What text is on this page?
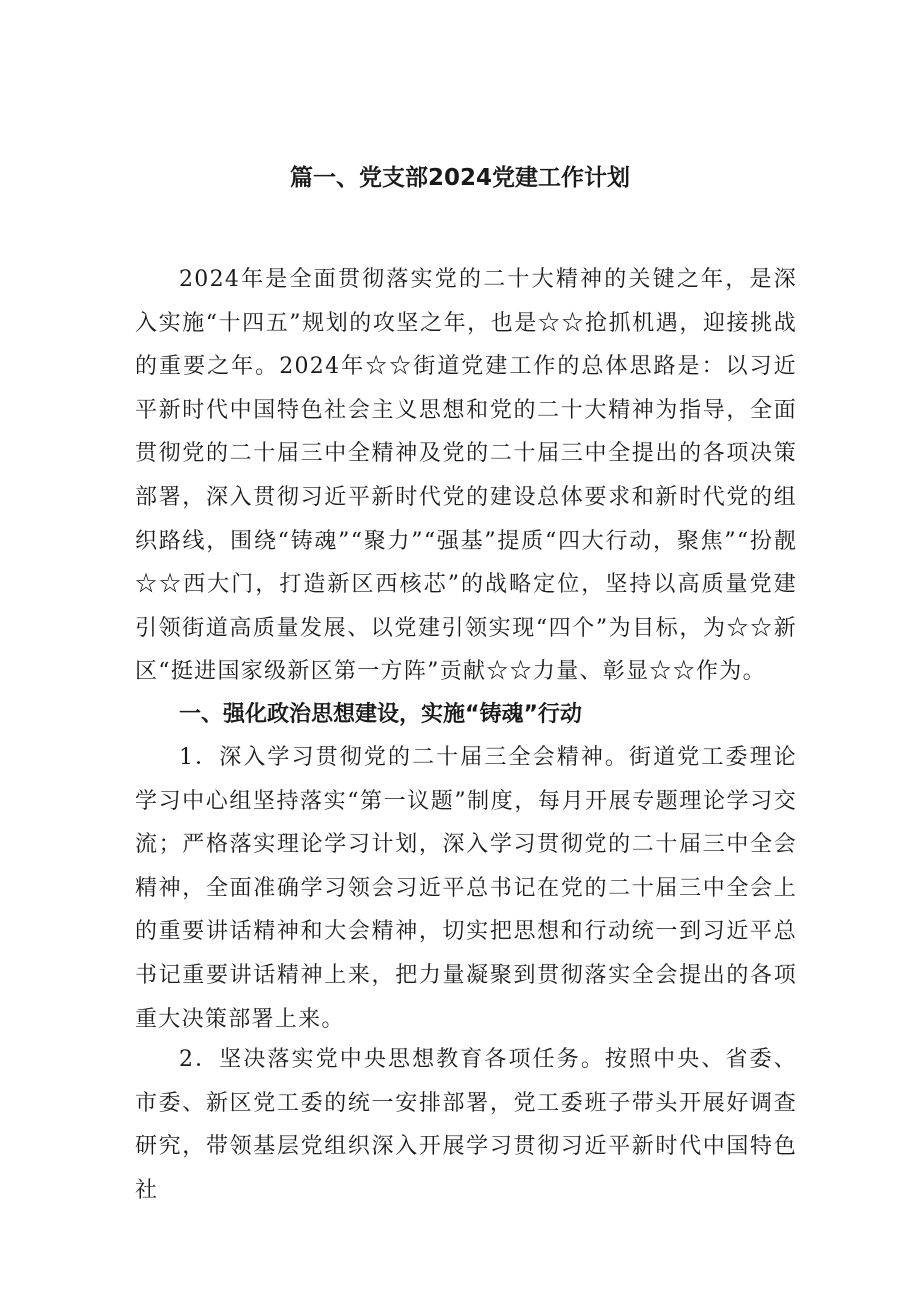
篇一、党支部2024党建工作计划

2024年是全面贯彻落实党的二十大精神的关键之年，是深入实施“十四五”规划的攻坚之年，也是☆☆抢抓机遇，迎接挑战的重要之年。2024年☆☆街道党建工作的总体思路是：以习近平新时代中国特色社会主义思想和党的二十大精神为指导，全面贯彻党的二十届三中全精神及党的二十届三中全提出的各项决策部署，深入贯彻习近平新时代党的建设总体要求和新时代党的组织路线，围绕“铸魂”“聚力”“强基”提质“四大行动，聚焦”“扮靓☆☆西大门，打造新区西核芯”的战略定位，坚持以高质量党建引领街道高质量发展、以党建引领实现“四个”为目标，为☆☆新区“挺进国家级新区第一方阵”贡献☆☆力量、彰显☆☆作为。

一、强化政治思想建设，实施“铸魂”行动

1．深入学习贯彻党的二十届三全会精神。街道党工委理论学习中心组坚持落实“第一议题”制度，每月开展专题理论学习交流；严格落实理论学习计划，深入学习贯彻党的二十届三中全会精神，全面准确学习领会习近平总书记在党的二十届三中全会上的重要讲话精神和大会精神，切实把思想和行动统一到习近平总书记重要讲话精神上来，把力量凝聚到贯彻落实全会提出的各项重大决策部署上来。

2．坚决落实党中央思想教育各项任务。按照中央、省委、市委、新区党工委的统一安排部署，党工委班子带头开展好调查研究，带领基层党组织深入开展学习贯彻习近平新时代中国特色社
